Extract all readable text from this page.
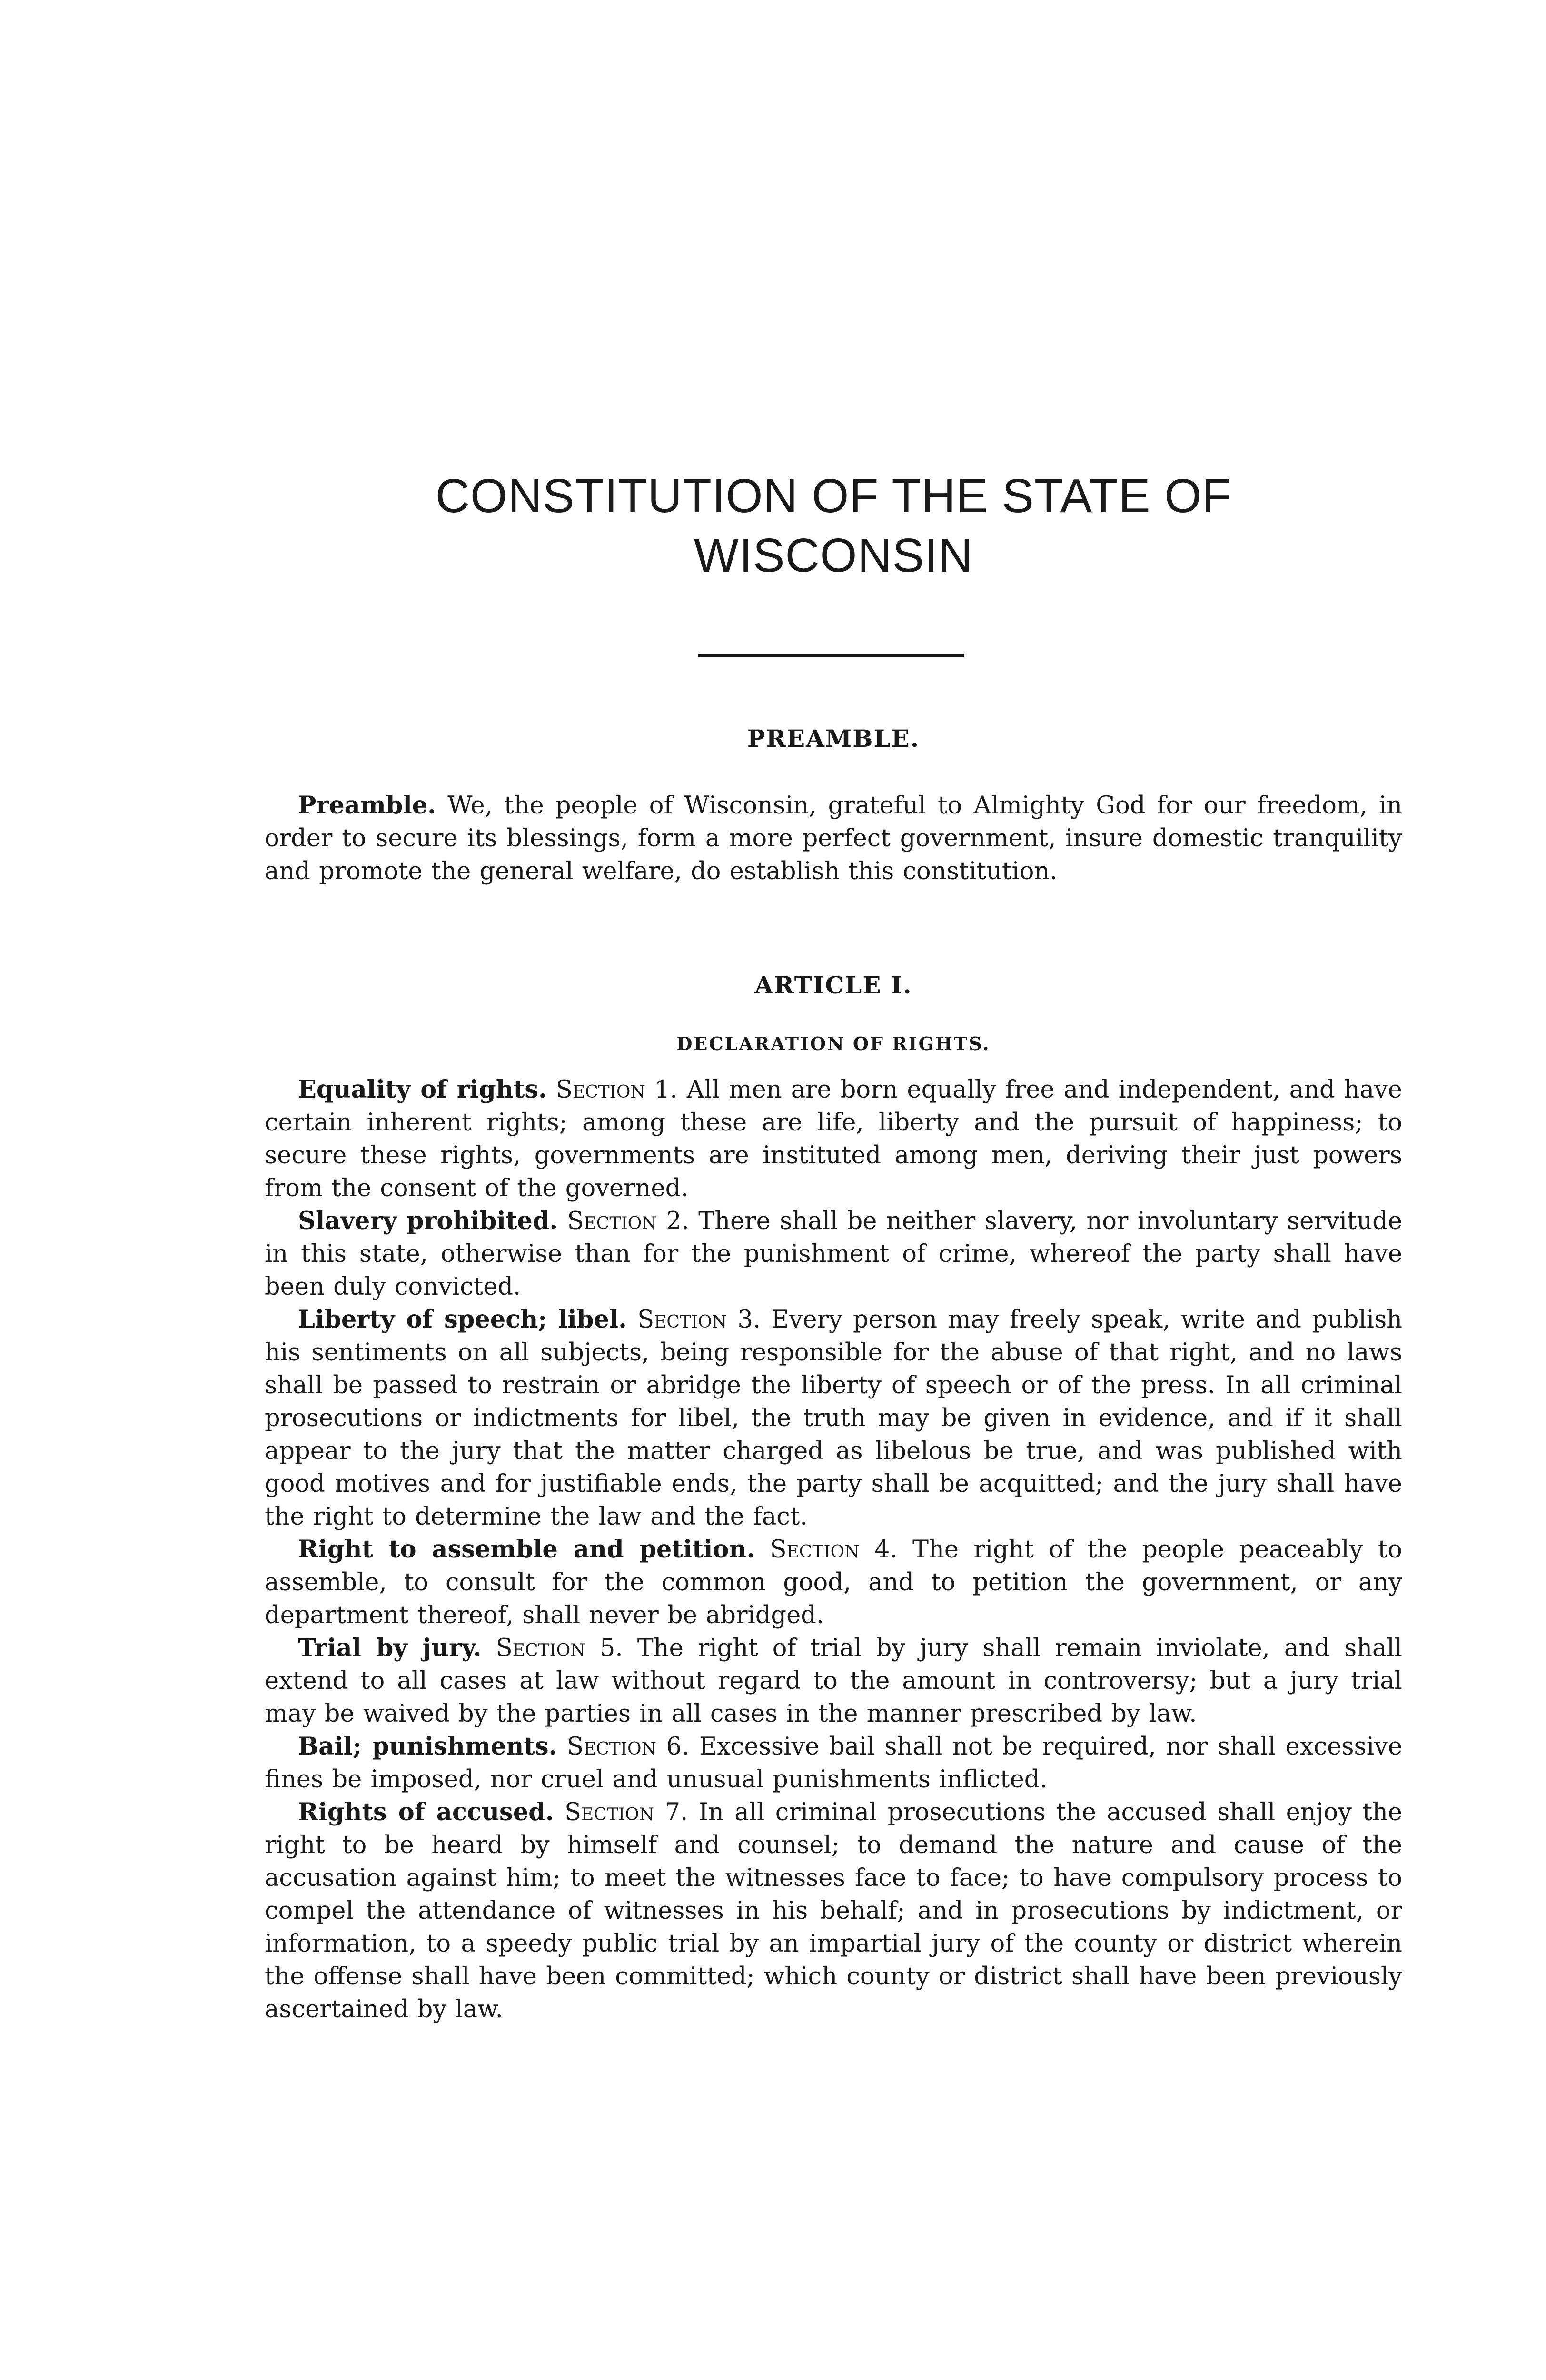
CONSTITUTION OF THE STATE OF
WISCONSIN
PREAMBLE.

Preamble. We, the people of Wisconsin, grateful to Almighty God for our freedom, in order to secure its blessings, form a more perfect government, insure domestic tranquility and promote the general welfare, do establish this constitution.

ARTICLE I.
DECLARATION OF RIGHTS.

Equality of rights. Section 1. All men are born equally free and independent, and have certain inherent rights; among these are life, liberty and the pursuit of happiness; to secure these rights, governments are instituted among men, deriving their just powers from the consent of the governed.

Slavery prohibited. Section 2. There shall be neither slavery, nor involuntary servitude in this state, otherwise than for the punishment of crime, whereof the party shall have been duly convicted.

Liberty of speech; libel. Section 3. Every person may freely speak, write and publish his sentiments on all subjects, being responsible for the abuse of that right, and no laws shall be passed to restrain or abridge the liberty of speech or of the press. In all criminal prosecutions or indictments for libel, the truth may be given in evidence, and if it shall appear to the jury that the matter charged as libelous be true, and was published with good motives and for justifiable ends, the party shall be acquitted; and the jury shall have the right to determine the law and the fact.

Right to assemble and petition. Section 4. The right of the people peaceably to assemble, to consult for the common good, and to petition the government, or any department thereof, shall never be abridged.

Trial by jury. Section 5. The right of trial by jury shall remain inviolate, and shall extend to all cases at law without regard to the amount in controversy; but a jury trial may be waived by the parties in all cases in the manner prescribed by law.

Bail; punishments. Section 6. Excessive bail shall not be required, nor shall excessive fines be imposed, nor cruel and unusual punishments inflicted.

Rights of accused. Section 7. In all criminal prosecutions the accused shall enjoy the right to be heard by himself and counsel; to demand the nature and cause of the accusation against him; to meet the witnesses face to face; to have compulsory process to compel the attendance of witnesses in his behalf; and in prosecutions by indictment, or information, to a speedy public trial by an impartial jury of the county or district wherein the offense shall have been committed; which county or district shall have been previously ascertained by law.
